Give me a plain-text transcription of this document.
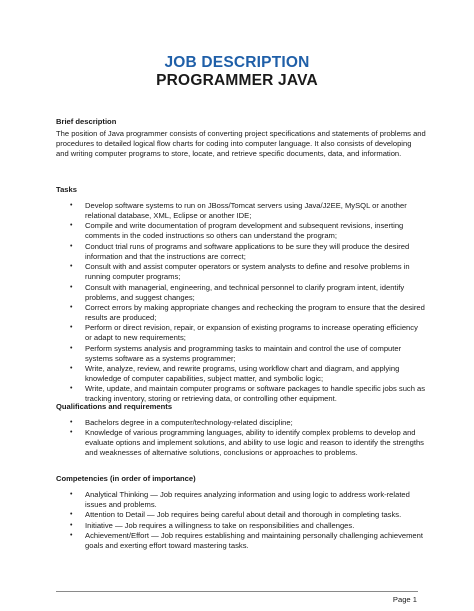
JOB DESCRIPTION
PROGRAMMER JAVA
Brief description

The position of Java programmer consists of converting project specifications and statements of problems and procedures to detailed logical flow charts for coding into computer language. It also consists of developing and writing computer programs to store, locate, and retrieve specific documents, data, and information.

Tasks
• Develop software systems to run on JBoss/Tomcat servers using Java/J2EE, MySQL or another relational database, XML, Eclipse or another IDE;
• Compile and write documentation of program development and subsequent revisions, inserting comments in the coded instructions so others can understand the program;
• Conduct trial runs of programs and software applications to be sure they will produce the desired information and that the instructions are correct;
• Consult with and assist computer operators or system analysts to define and resolve problems in running computer programs;
• Consult with managerial, engineering, and technical personnel to clarify program intent, identify problems, and suggest changes;
• Correct errors by making appropriate changes and rechecking the program to ensure that the desired results are produced;
• Perform or direct revision, repair, or expansion of existing programs to increase operating efficiency or adapt to new requirements;
• Perform systems analysis and programming tasks to maintain and control the use of computer systems software as a systems programmer;
• Write, analyze, review, and rewrite programs, using workflow chart and diagram, and applying knowledge of computer capabilities, subject matter, and symbolic logic;
• Write, update, and maintain computer programs or software packages to handle specific jobs such as tracking inventory, storing or retrieving data, or controlling other equipment.
Qualifications and requirements
• Bachelors degree in a computer/technology-related discipline;
• Knowledge of various programming languages, ability to identify complex problems to develop and evaluate options and implement solutions, and ability to use logic and reason to identify the strengths and weaknesses of alternative solutions, conclusions or approaches to problems.
Competencies (in order of importance)
• Analytical Thinking — Job requires analyzing information and using logic to address work-related issues and problems.
• Attention to Detail — Job requires being careful about detail and thorough in completing tasks.
• Initiative — Job requires a willingness to take on responsibilities and challenges.
• Achievement/Effort — Job requires establishing and maintaining personally challenging achievement goals and exerting effort toward mastering tasks.
Page 1
